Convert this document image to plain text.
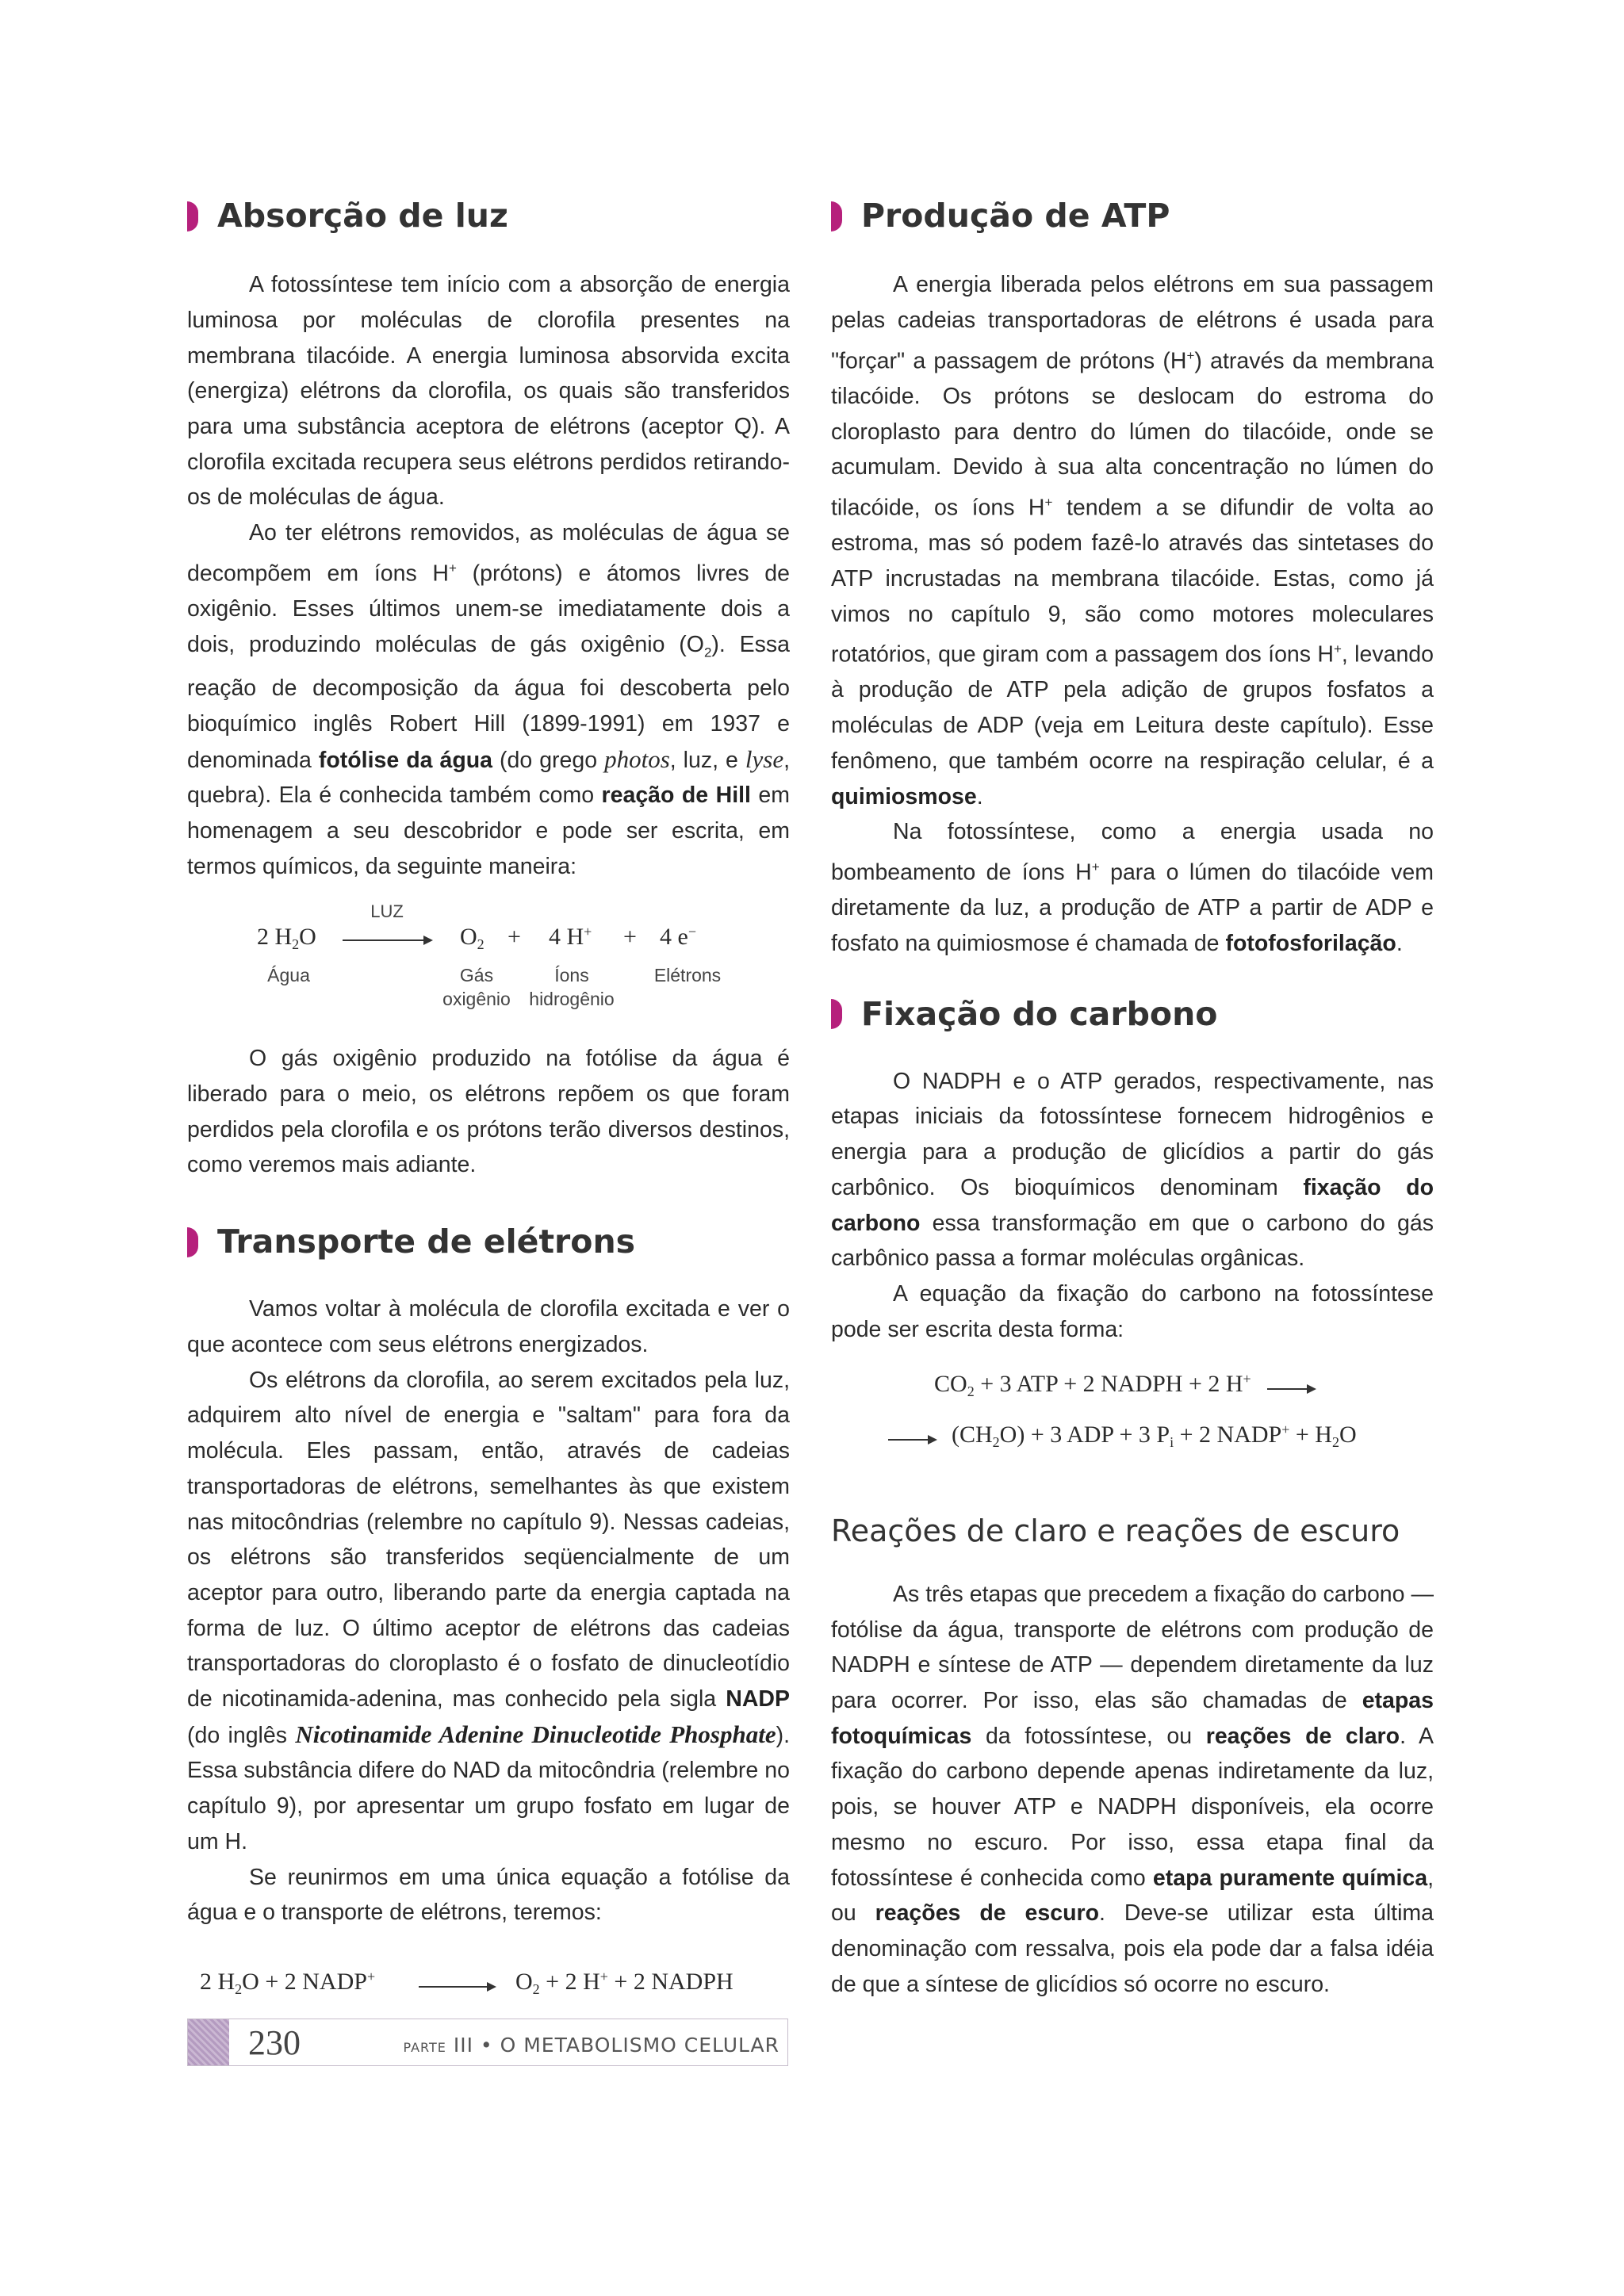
Absorção de luz

A fotossíntese tem início com a absorção de energia luminosa por moléculas de clorofila presentes na membrana tilacóide. A energia luminosa absorvida excita (energiza) elétrons da clorofila, os quais são transferidos para uma substância aceptora de elétrons (aceptor Q). A clorofila excitada recupera seus elétrons perdidos retirando-os de moléculas de água.

Ao ter elétrons removidos, as moléculas de água se decompõem em íons H+ (prótons) e átomos livres de oxigênio. Esses últimos unem-se imediatamente dois a dois, produzindo moléculas de gás oxigênio $(O_2)$. Essa reação de decomposição da água foi descoberta pelo bioquímico inglês Robert Hill (1899-1991) em 1937 e denominada fotólise da água (do grego photos, luz, e lyse, quebra). Ela é conhecida também como reação de Hill em homenagem a seu descobridor e pode ser escrita, em termos químicos, da seguinte maneira:

2 $H_2O$
Água
LUZ
→ $O_2 + 4$ H+ + 4 e−
Gás
oxigênio
Íons
hidrogênio
Elétrons

O gás oxigênio produzido na fotólise da água é liberado para o meio, os elétrons repõem os que foram perdidos pela clorofila e os prótons terão diversos destinos, como veremos mais adiante.

Transporte de elétrons

Vamos voltar à molécula de clorofila excitada e ver o que acontece com seus elétrons energizados.

Os elétrons da clorofila, ao serem excitados pela luz, adquirem alto nível de energia e "saltam" para fora da molécula. Eles passam, então, através de cadeias transportadoras de elétrons, semelhantes às que existem nas mitocôndrias (relembre no capítulo 9). Nessas cadeias, os elétrons são transferidos seqüencialmente de um aceptor para outro, liberando parte da energia captada na forma de luz. O último aceptor de elétrons das cadeias transportadoras do cloroplasto é o fosfato de dinucleotídio de nicotinamida-adenina, mas conhecido pela sigla NADP (do inglês Nicotinamide Adenine Dinucleotide Phosphate). Essa substância difere do NAD da mitocôndria (relembre no capítulo 9), por apresentar um grupo fosfato em lugar de um H.

Se reunirmos em uma única equação a fotólise da água e o transporte de elétrons, teremos:

2 $H_2O + 2$ NADP+ → $O_2 + 2$ H+ + 2 NADPH
Produção de ATP

A energia liberada pelos elétrons em sua passagem pelas cadeias transportadoras de elétrons é usada para "forçar" a passagem de prótons (H+) através da membrana tilacóide. Os prótons se deslocam do estroma do cloroplasto para dentro do lúmen do tilacóide, onde se acumulam. Devido à sua alta concentração no lúmen do tilacóide, os íons H+ tendem a se difundir de volta ao estroma, mas só podem fazê-lo através das sintetases do ATP incrustadas na membrana tilacóide. Estas, como já vimos no capítulo 9, são como motores moleculares rotatórios, que giram com a passagem dos íons H+, levando à produção de ATP pela adição de grupos fosfatos a moléculas de ADP (veja em Leitura deste capítulo). Esse fenômeno, que também ocorre na respiração celular, é a quimiosmose.

Na fotossíntese, como a energia usada no bombeamento de íons H+ para o lúmen do tilacóide vem diretamente da luz, a produção de ATP a partir de ADP e fosfato na quimiosmose é chamada de fotofosforilação.

Fixação do carbono

O NADPH e o ATP gerados, respectivamente, nas etapas iniciais da fotossíntese fornecem hidrogênios e energia para a produção de glicídios a partir do gás carbônico. Os bioquímicos denominam fixação do carbono essa transformação em que o carbono do gás carbônico passa a formar moléculas orgânicas.

A equação da fixação do carbono na fotossíntese pode ser escrita desta forma:

$CO_2 + 3$ ATP + 2 NADPH + 2 H+
→ $(CH_2O) + 3$ ADP + 3 $P_i + 2$ NADP+ + $H_2O$
Reações de claro e reações de escuro

As três etapas que precedem a fixação do carbono — fotólise da água, transporte de elétrons com produção de NADPH e síntese de ATP — dependem diretamente da luz para ocorrer. Por isso, elas são chamadas de etapas fotoquímicas da fotossíntese, ou reações de claro. A fixação do carbono depende apenas indiretamente da luz, pois, se houver ATP e NADPH disponíveis, ela ocorre mesmo no escuro. Por isso, essa etapa final da fotossíntese é conhecida como etapa puramente química, ou reações de escuro. Deve-se utilizar esta última denominação com ressalva, pois ela pode dar a falsa idéia de que a síntese de glicídios só ocorre no escuro.

230	PARTE III • O METABOLISMO CELULAR
